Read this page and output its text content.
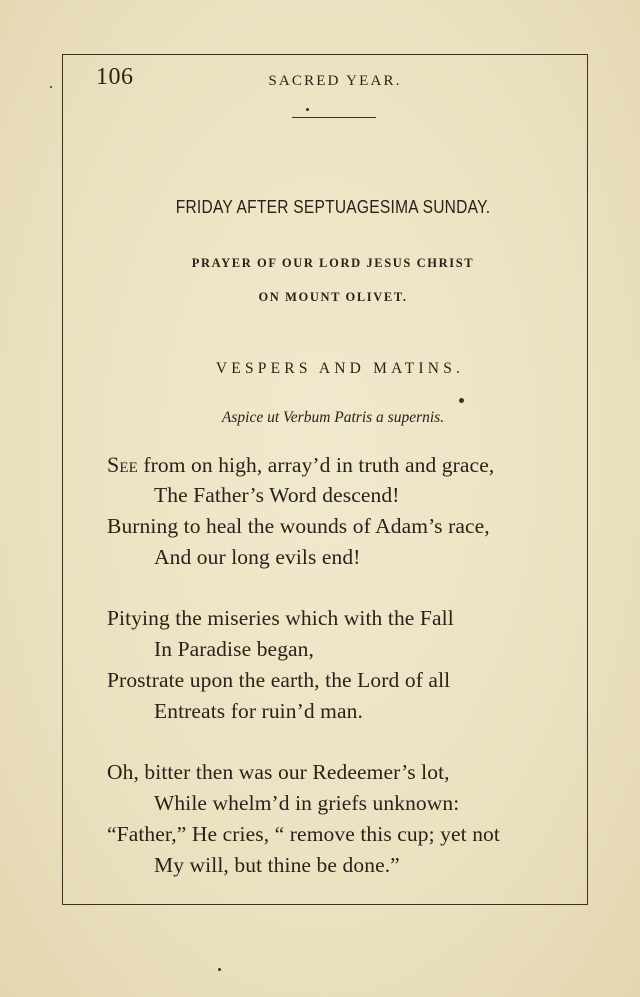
106	SACRED YEAR.
FRIDAY AFTER SEPTUAGESIMA SUNDAY.
PRAYER OF OUR LORD JESUS CHRIST
ON MOUNT OLIVET.
VESPERS AND MATINS.
Aspice ut Verbum Patris a supernis.
See from on high, array’d in truth and grace,
The Father’s Word descend!
Burning to heal the wounds of Adam’s race,
And our long evils end!
Pitying the miseries which with the Fall
In Paradise began,
Prostrate upon the earth, the Lord of all
Entreats for ruin’d man.
Oh, bitter then was our Redeemer’s lot,
While whelm’d in griefs unknown:
“Father,” He cries, “ remove this cup; yet not
My will, but thine be done.”
